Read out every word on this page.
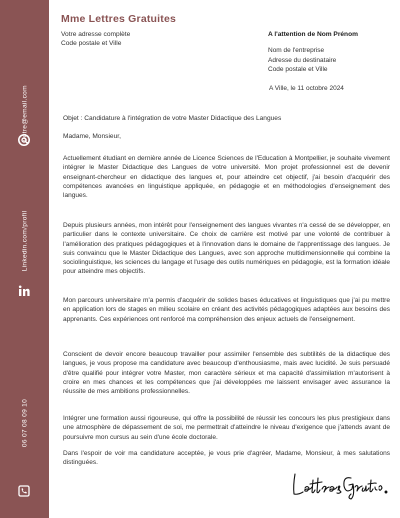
votre@email.com
Linkedin.com/profil
06 07 08 09 10
Mme Lettres Gratuites
Votre adresse complète
Code postale et Ville
A l'attention de Nom Prénom
Nom de l'entreprise
Adresse du destinataire
Code postale et Ville
A Ville, le 11 octobre 2024
Objet : Candidature à l'intégration de votre Master Didactique des Langues
Madame, Monsieur,

Actuellement étudiant en dernière année de Licence Sciences de l'Education à Montpellier, je souhaite vivement intégrer le Master Didactique des Langues de votre université. Mon projet professionnel est de devenir enseignant-chercheur en didactique des langues et, pour atteindre cet objectif, j'ai besoin d'acquérir des compétences avancées en linguistique appliquée, en pédagogie et en méthodologies d'enseignement des langues.

Depuis plusieurs années, mon intérêt pour l'enseignement des langues vivantes n'a cessé de se développer, en particulier dans le contexte universitaire. Ce choix de carrière est motivé par une volonté de contribuer à l'amélioration des pratiques pédagogiques et à l'innovation dans le domaine de l'apprentissage des langues. Je suis convaincu que le Master Didactique des Langues, avec son approche multidimensionnelle qui combine la sociolinguistique, les sciences du langage et l'usage des outils numériques en pédagogie, est la formation idéale pour atteindre mes objectifs.

Mon parcours universitaire m'a permis d'acquérir de solides bases éducatives et linguistiques que j'ai pu mettre en application lors de stages en milieu scolaire en créant des activités pédagogiques adaptées aux besoins des apprenants. Ces expériences ont renforcé ma compréhension des enjeux actuels de l'enseignement.

Conscient de devoir encore beaucoup travailler pour assimiler l'ensemble des subtilités de la didactique des langues, je vous propose ma candidature avec beaucoup d'enthousiasme, mais avec lucidité. Je suis persuadé d'être qualifié pour intégrer votre Master, mon caractère sérieux et ma capacité d'assimilation m'autorisent à croire en mes chances et les compétences que j'ai développées me laissent envisager avec assurance la réussite de mes ambitions professionnelles.

Intégrer une formation aussi rigoureuse, qui offre la possibilité de réussir les concours les plus prestigieux dans une atmosphère de dépassement de soi, me permettrait d'atteindre le niveau d'exigence que j'attends avant de poursuivre mon cursus au sein d'une école doctorale.

Dans l'espoir de voir ma candidature acceptée, je vous prie d'agréer, Madame, Monsieur, à mes salutations distinguées.
